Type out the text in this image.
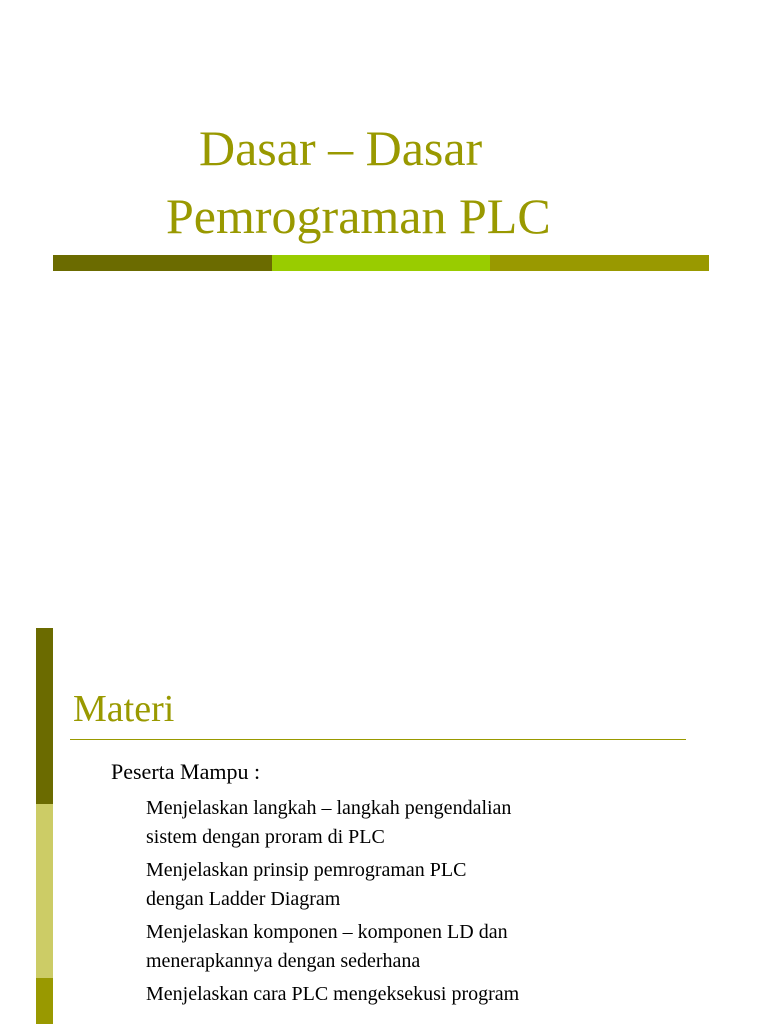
Dasar – Dasar
Pemrograman PLC
Materi

Peserta Mampu :

Menjelaskan langkah – langkah pengendalian
sistem dengan proram di PLC
Menjelaskan prinsip pemrograman PLC
dengan Ladder Diagram
Menjelaskan komponen – komponen LD dan
menerapkannya dengan sederhana
Menjelaskan cara PLC mengeksekusi program
